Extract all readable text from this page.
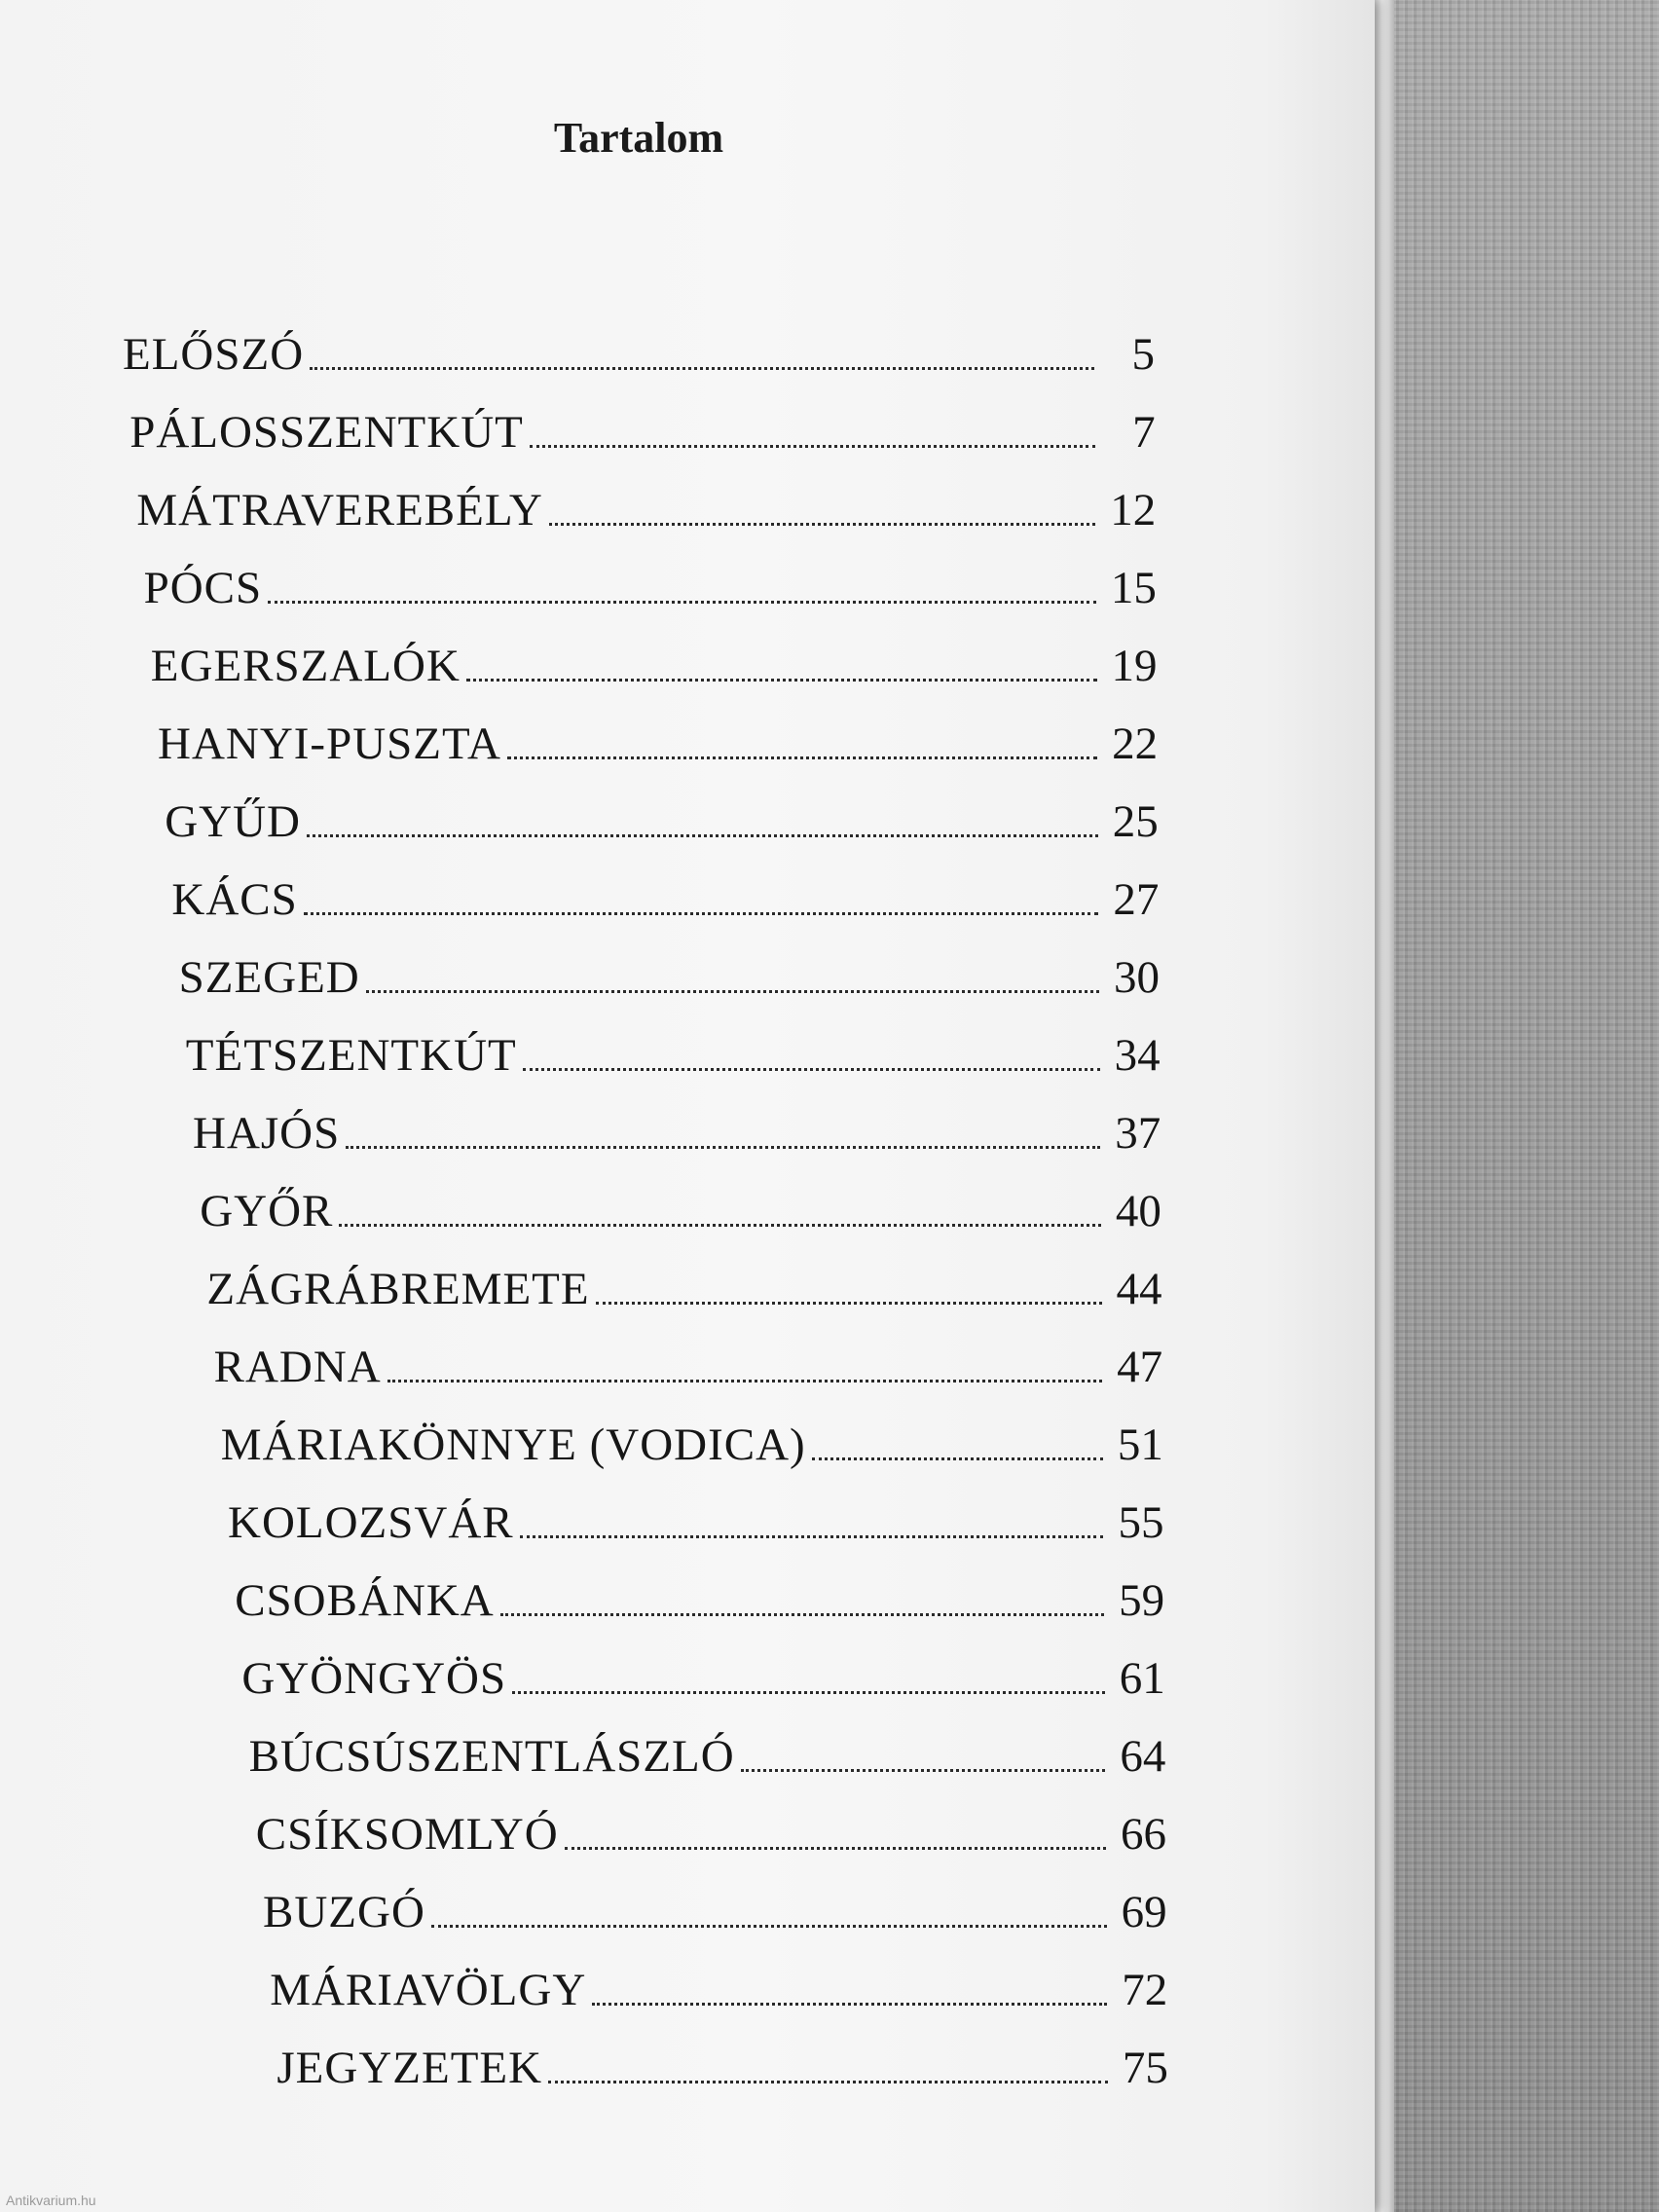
Tartalom
ELŐSZÓ	5
PÁLOSSZENTKÚT	7
MÁTRAVEREBÉLY	12
PÓCS	15
EGERSZALÓK	19
HANYI-PUSZTA	22
GYŰD	25
KÁCS	27
SZEGED	30
TÉTSZENTKÚT	34
HAJÓS	37
GYŐR	40
ZÁGRÁBREMETE	44
RADNA	47
MÁRIAKÖNNYE (VODICA)	51
KOLOZSVÁR	55
CSOBÁNKA	59
GYÖNGYÖS	61
BÚCSÚSZENTLÁSZLÓ	64
CSÍKSOMLYÓ	66
BUZGÓ	69
MÁRIAVÖLGY	72
JEGYZETEK	75
Antikvarium.hu
